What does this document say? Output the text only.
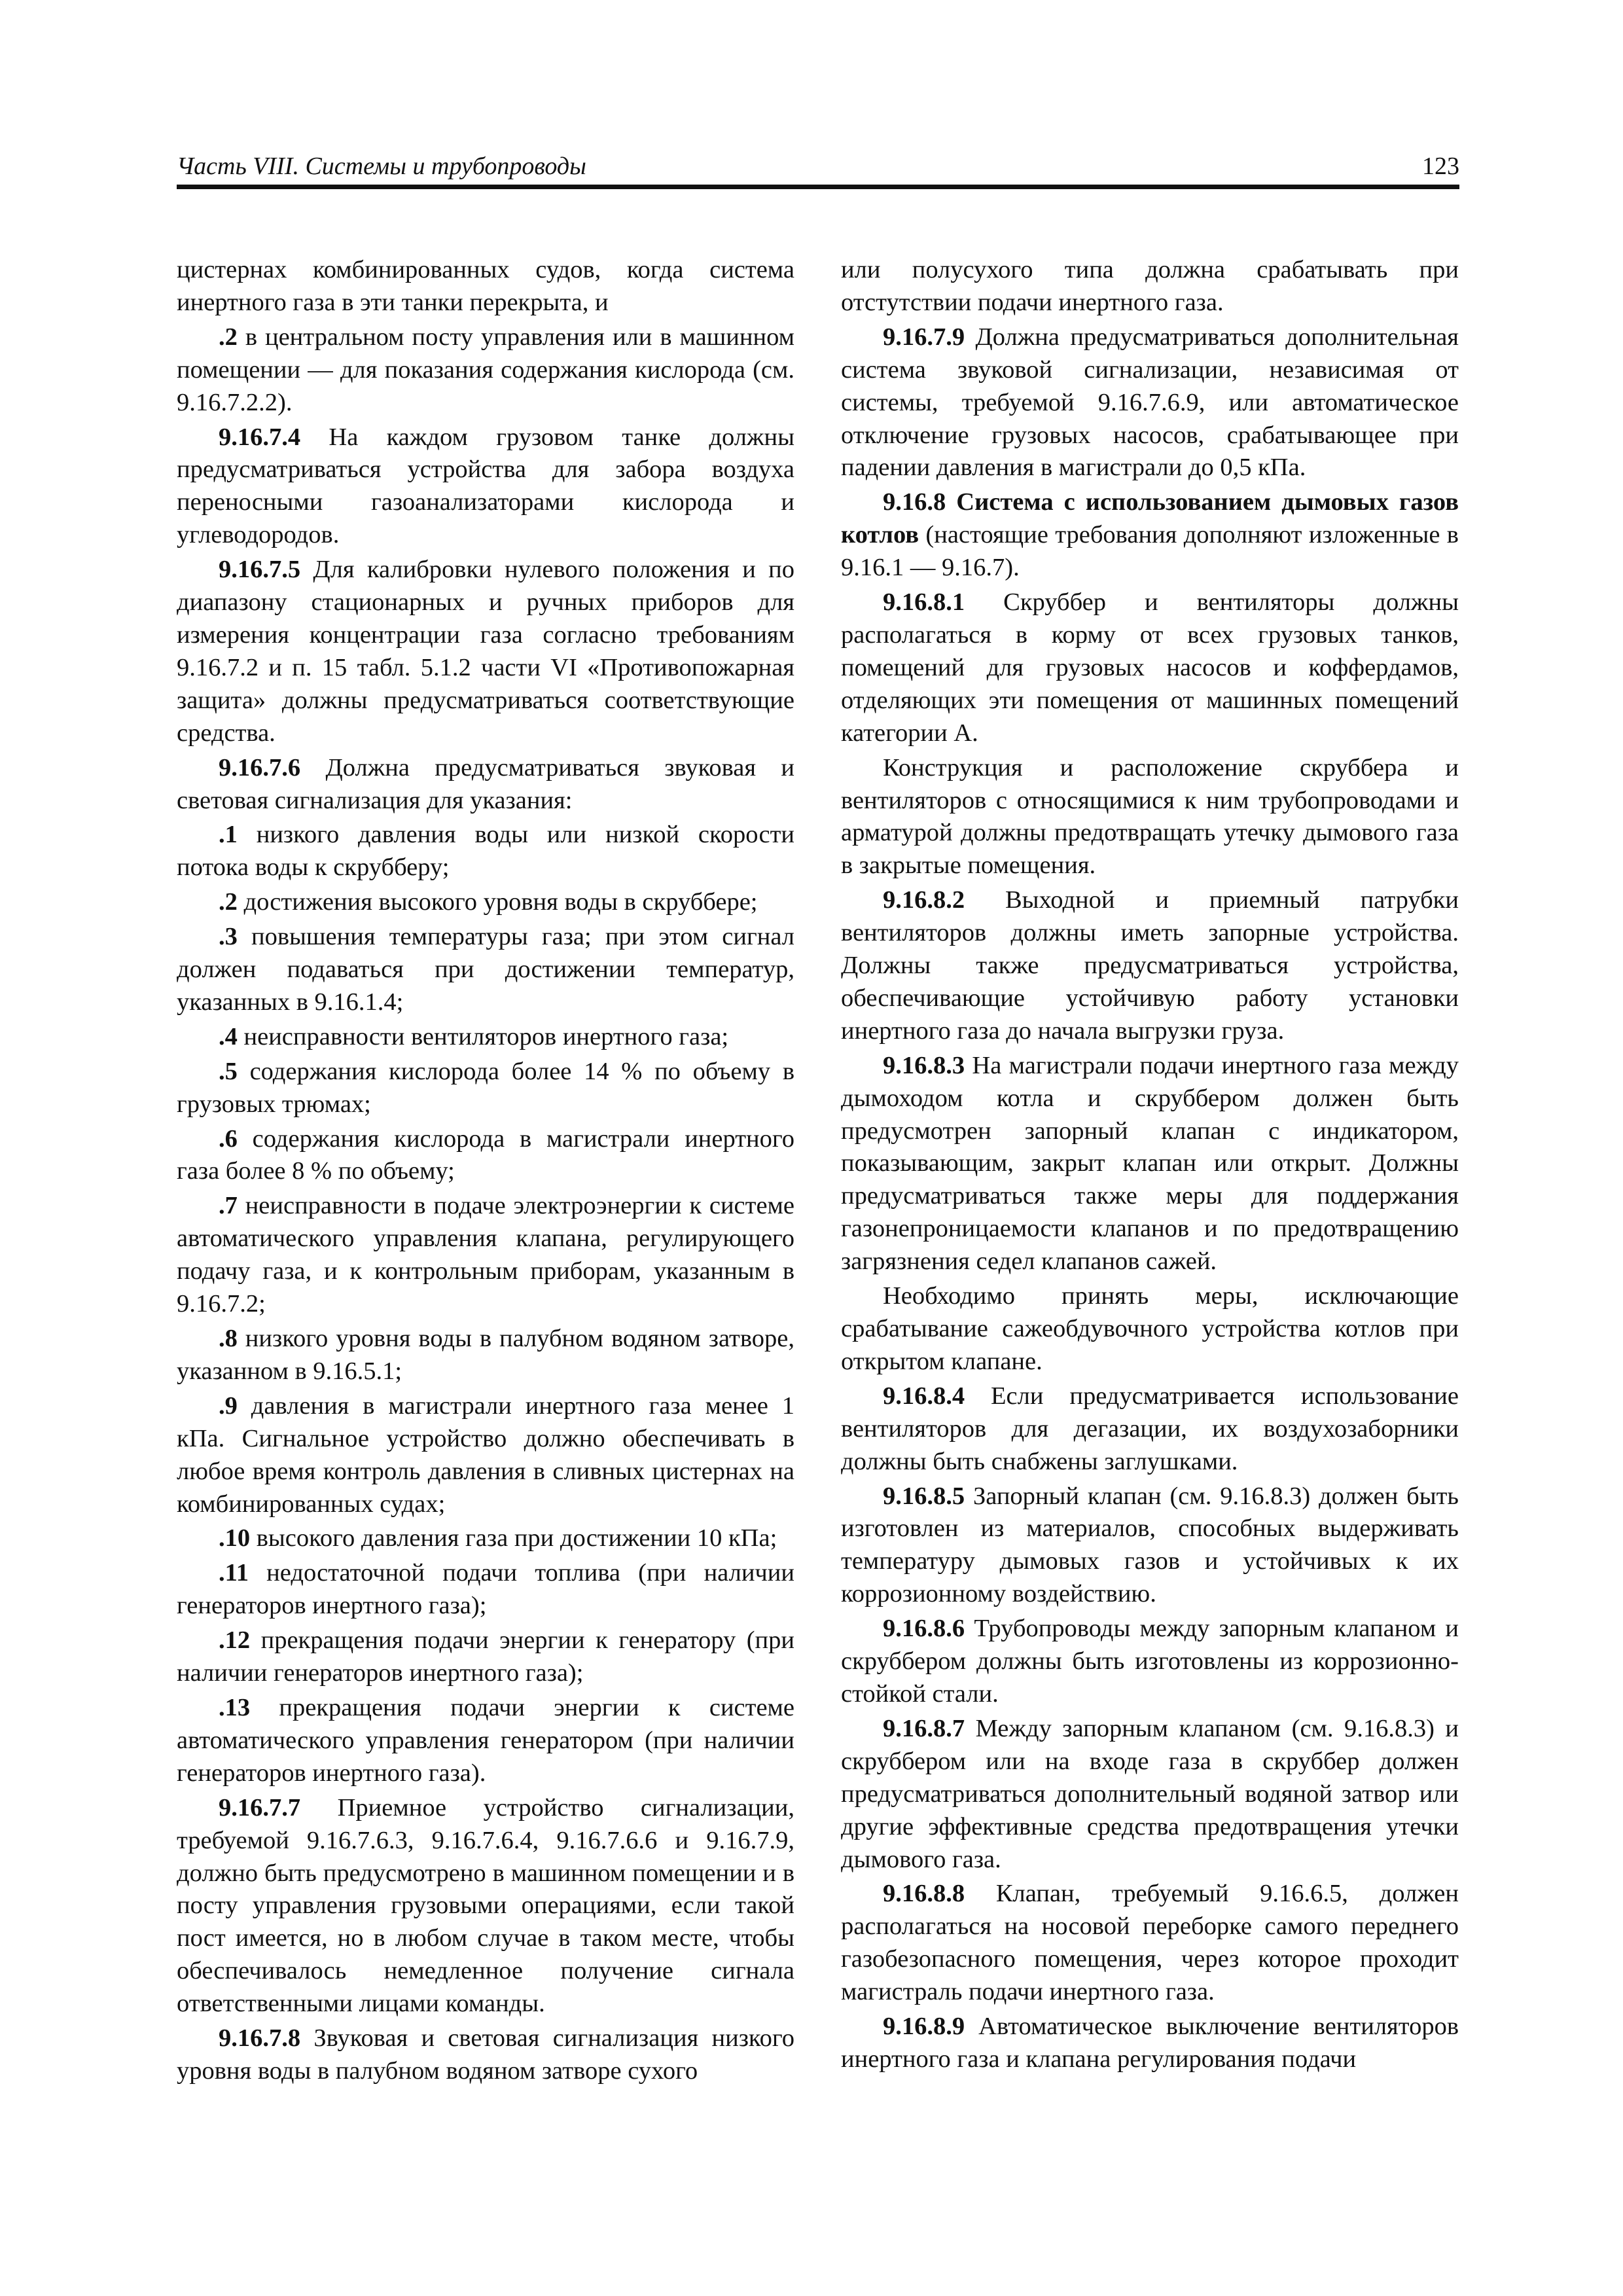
Часть VIII. Системы и трубопроводы	123

цистернах комбинированных судов, когда система инертного газа в эти танки перекрыта, и

.2 в центральном посту управления или в машинном помещении — для показания содержания кислорода (см. 9.16.7.2.2).

9.16.7.4 На каждом грузовом танке должны предусматриваться устройства для забора воздуха переносными газоанализаторами кислорода и углеводородов.

9.16.7.5 Для калибровки нулевого положения и по диапазону стационарных и ручных приборов для измерения концентрации газа согласно требованиям 9.16.7.2 и п. 15 табл. 5.1.2 части VI «Противопожарная защита» должны предусматриваться соответствующие средства.

9.16.7.6 Должна предусматриваться звуковая и световая сигнализация для указания:

.1 низкого давления воды или низкой скорости потока воды к скрубберу;

.2 достижения высокого уровня воды в скруббере;

.3 повышения температуры газа; при этом сигнал должен подаваться при достижении температур, указанных в 9.16.1.4;

.4 неисправности вентиляторов инертного газа;

.5 содержания кислорода более 14 % по объему в грузовых трюмах;

.6 содержания кислорода в магистрали инертного газа более 8 % по объему;

.7 неисправности в подаче электроэнергии к системе автоматического управления клапана, регулирующего подачу газа, и к контрольным приборам, указанным в 9.16.7.2;

.8 низкого уровня воды в палубном водяном затворе, указанном в 9.16.5.1;

.9 давления в магистрали инертного газа менее 1 кПа. Сигнальное устройство должно обеспечивать в любое время контроль давления в сливных цистернах на комбинированных судах;

.10 высокого давления газа при достижении 10 кПа;

.11 недостаточной подачи топлива (при наличии генераторов инертного газа);

.12 прекращения подачи энергии к генератору (при наличии генераторов инертного газа);

.13 прекращения подачи энергии к системе автоматического управления генератором (при наличии генераторов инертного газа).

9.16.7.7 Приемное устройство сигнализации, требуемой 9.16.7.6.3, 9.16.7.6.4, 9.16.7.6.6 и 9.16.7.9, должно быть предусмотрено в машинном помещении и в посту управления грузовыми операциями, если такой пост имеется, но в любом случае в таком месте, чтобы обеспечивалось немедленное получение сигнала ответственными лицами команды.

9.16.7.8 Звуковая и световая сигнализация низкого уровня воды в палубном водяном затворе сухого

или полусухого типа должна срабатывать при отстутствии подачи инертного газа.

9.16.7.9 Должна предусматриваться дополнительная система звуковой сигнализации, независимая от системы, требуемой 9.16.7.6.9, или автоматическое отключение грузовых насосов, срабатывающее при падении давления в магистрали до 0,5 кПа.

9.16.8 Система с использованием дымовых газов котлов (настоящие требования дополняют изложенные в 9.16.1 — 9.16.7).

9.16.8.1 Скруббер и вентиляторы должны располагаться в корму от всех грузовых танков, помещений для грузовых насосов и коффердамов, отделяющих эти помещения от машинных помещений категории А.

Конструкция и расположение скруббера и вентиляторов с относящимися к ним трубопроводами и арматурой должны предотвращать утечку дымового газа в закрытые помещения.

9.16.8.2 Выходной и приемный патрубки вентиляторов должны иметь запорные устройства. Должны также предусматриваться устройства, обеспечивающие устойчивую работу установки инертного газа до начала выгрузки груза.

9.16.8.3 На магистрали подачи инертного газа между дымоходом котла и скруббером должен быть предусмотрен запорный клапан с индикатором, показывающим, закрыт клапан или открыт. Должны предусматриваться также меры для поддержания газонепроницаемости клапанов и по предотвращению загрязнения седел клапанов сажей.

Необходимо принять меры, исключающие срабатывание сажеобдувочного устройства котлов при открытом клапане.

9.16.8.4 Если предусматривается использование вентиляторов для дегазации, их воздухозаборники должны быть снабжены заглушками.

9.16.8.5 Запорный клапан (см. 9.16.8.3) должен быть изготовлен из материалов, способных выдерживать температуру дымовых газов и устойчивых к их коррозионному воздействию.

9.16.8.6 Трубопроводы между запорным клапаном и скруббером должны быть изготовлены из коррозионно-стойкой стали.

9.16.8.7 Между запорным клапаном (см. 9.16.8.3) и скруббером или на входе газа в скруббер должен предусматриваться дополнительный водяной затвор или другие эффективные средства предотвращения утечки дымового газа.

9.16.8.8 Клапан, требуемый 9.16.6.5, должен располагаться на носовой переборке самого переднего газобезопасного помещения, через которое проходит магистраль подачи инертного газа.

9.16.8.9 Автоматическое выключение вентиляторов инертного газа и клапана регулирования подачи
